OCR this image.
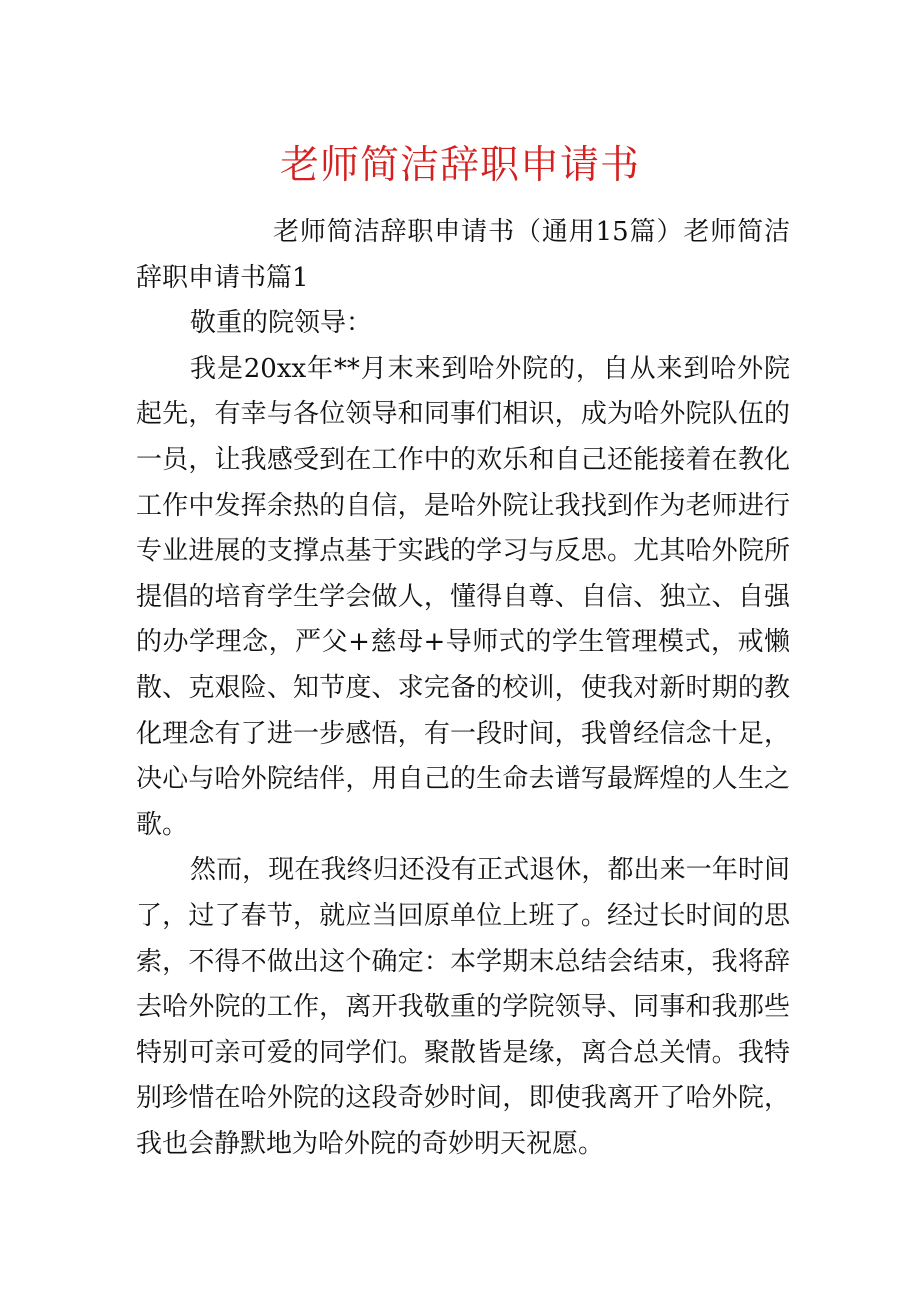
老师简洁辞职申请书

老师简洁辞职申请书（通用15篇）老师简洁辞职申请书篇1

敬重的院领导：

我是20xx年**月末来到哈外院的，自从来到哈外院起先，有幸与各位领导和同事们相识，成为哈外院队伍的一员，让我感受到在工作中的欢乐和自己还能接着在教化工作中发挥余热的自信，是哈外院让我找到作为老师进行专业进展的支撑点基于实践的学习与反思。尤其哈外院所提倡的培育学生学会做人，懂得自尊、自信、独立、自强的办学理念，严父+慈母+导师式的学生管理模式，戒懒散、克艰险、知节度、求完备的校训，使我对新时期的教化理念有了进一步感悟，有一段时间，我曾经信念十足，决心与哈外院结伴，用自己的生命去谱写最辉煌的人生之歌。

然而，现在我终归还没有正式退休，都出来一年时间了，过了春节，就应当回原单位上班了。经过长时间的思索，不得不做出这个确定：本学期末总结会结束，我将辞去哈外院的工作，离开我敬重的学院领导、同事和我那些特别可亲可爱的同学们。聚散皆是缘，离合总关情。我特别珍惜在哈外院的这段奇妙时间，即使我离开了哈外院，我也会静默地为哈外院的奇妙明天祝愿。
